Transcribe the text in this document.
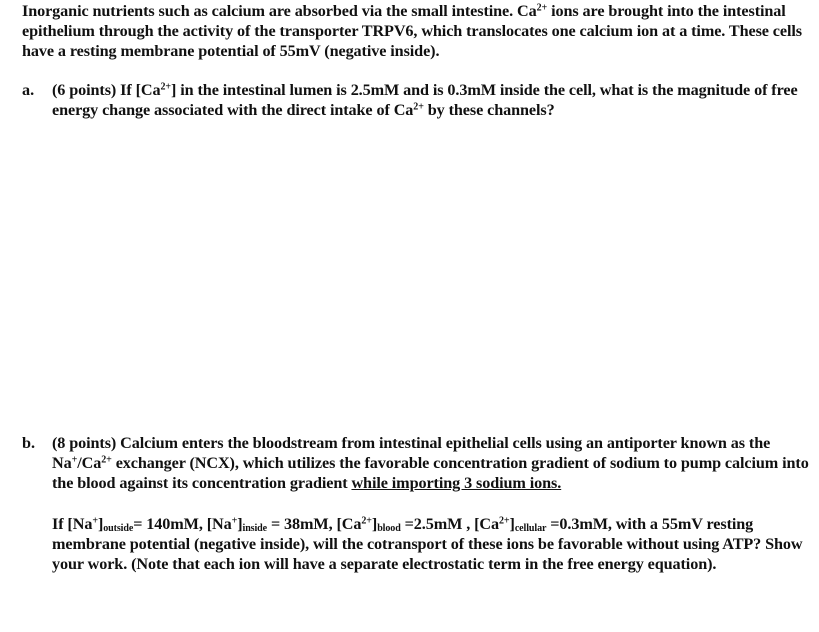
Inorganic nutrients such as calcium are absorbed via the small intestine. $Ca^{2+}$ ions are brought into the intestinal epithelium through the activity of the transporter TRPV6, which translocates one calcium ion at a time. These cells have a resting membrane potential of 55mV (negative inside).

a. (6 points) If $[Ca^{2+}]$ in the intestinal lumen is 2.5mM and is 0.3mM inside the cell, what is the magnitude of free energy change associated with the direct intake of $Ca^{2+}$ by these channels?

b. (8 points) Calcium enters the bloodstream from intestinal epithelial cells using an antiporter known as the $Na^+/Ca^{2+}$ exchanger (NCX), which utilizes the favorable concentration gradient of sodium to pump calcium into the blood against its concentration gradient while importing 3 sodium ions.

If $[Na^+]_{outside}= 140mM$, $[Na^+]_{inside} = 38mM$, $[Ca^{2+}]_{blood} =2.5mM$ , $[Ca^{2+}]_{cellular} =0.3mM$, with a 55mV resting membrane potential (negative inside), will the cotransport of these ions be favorable without using ATP? Show your work. (Note that each ion will have a separate electrostatic term in the free energy equation).
